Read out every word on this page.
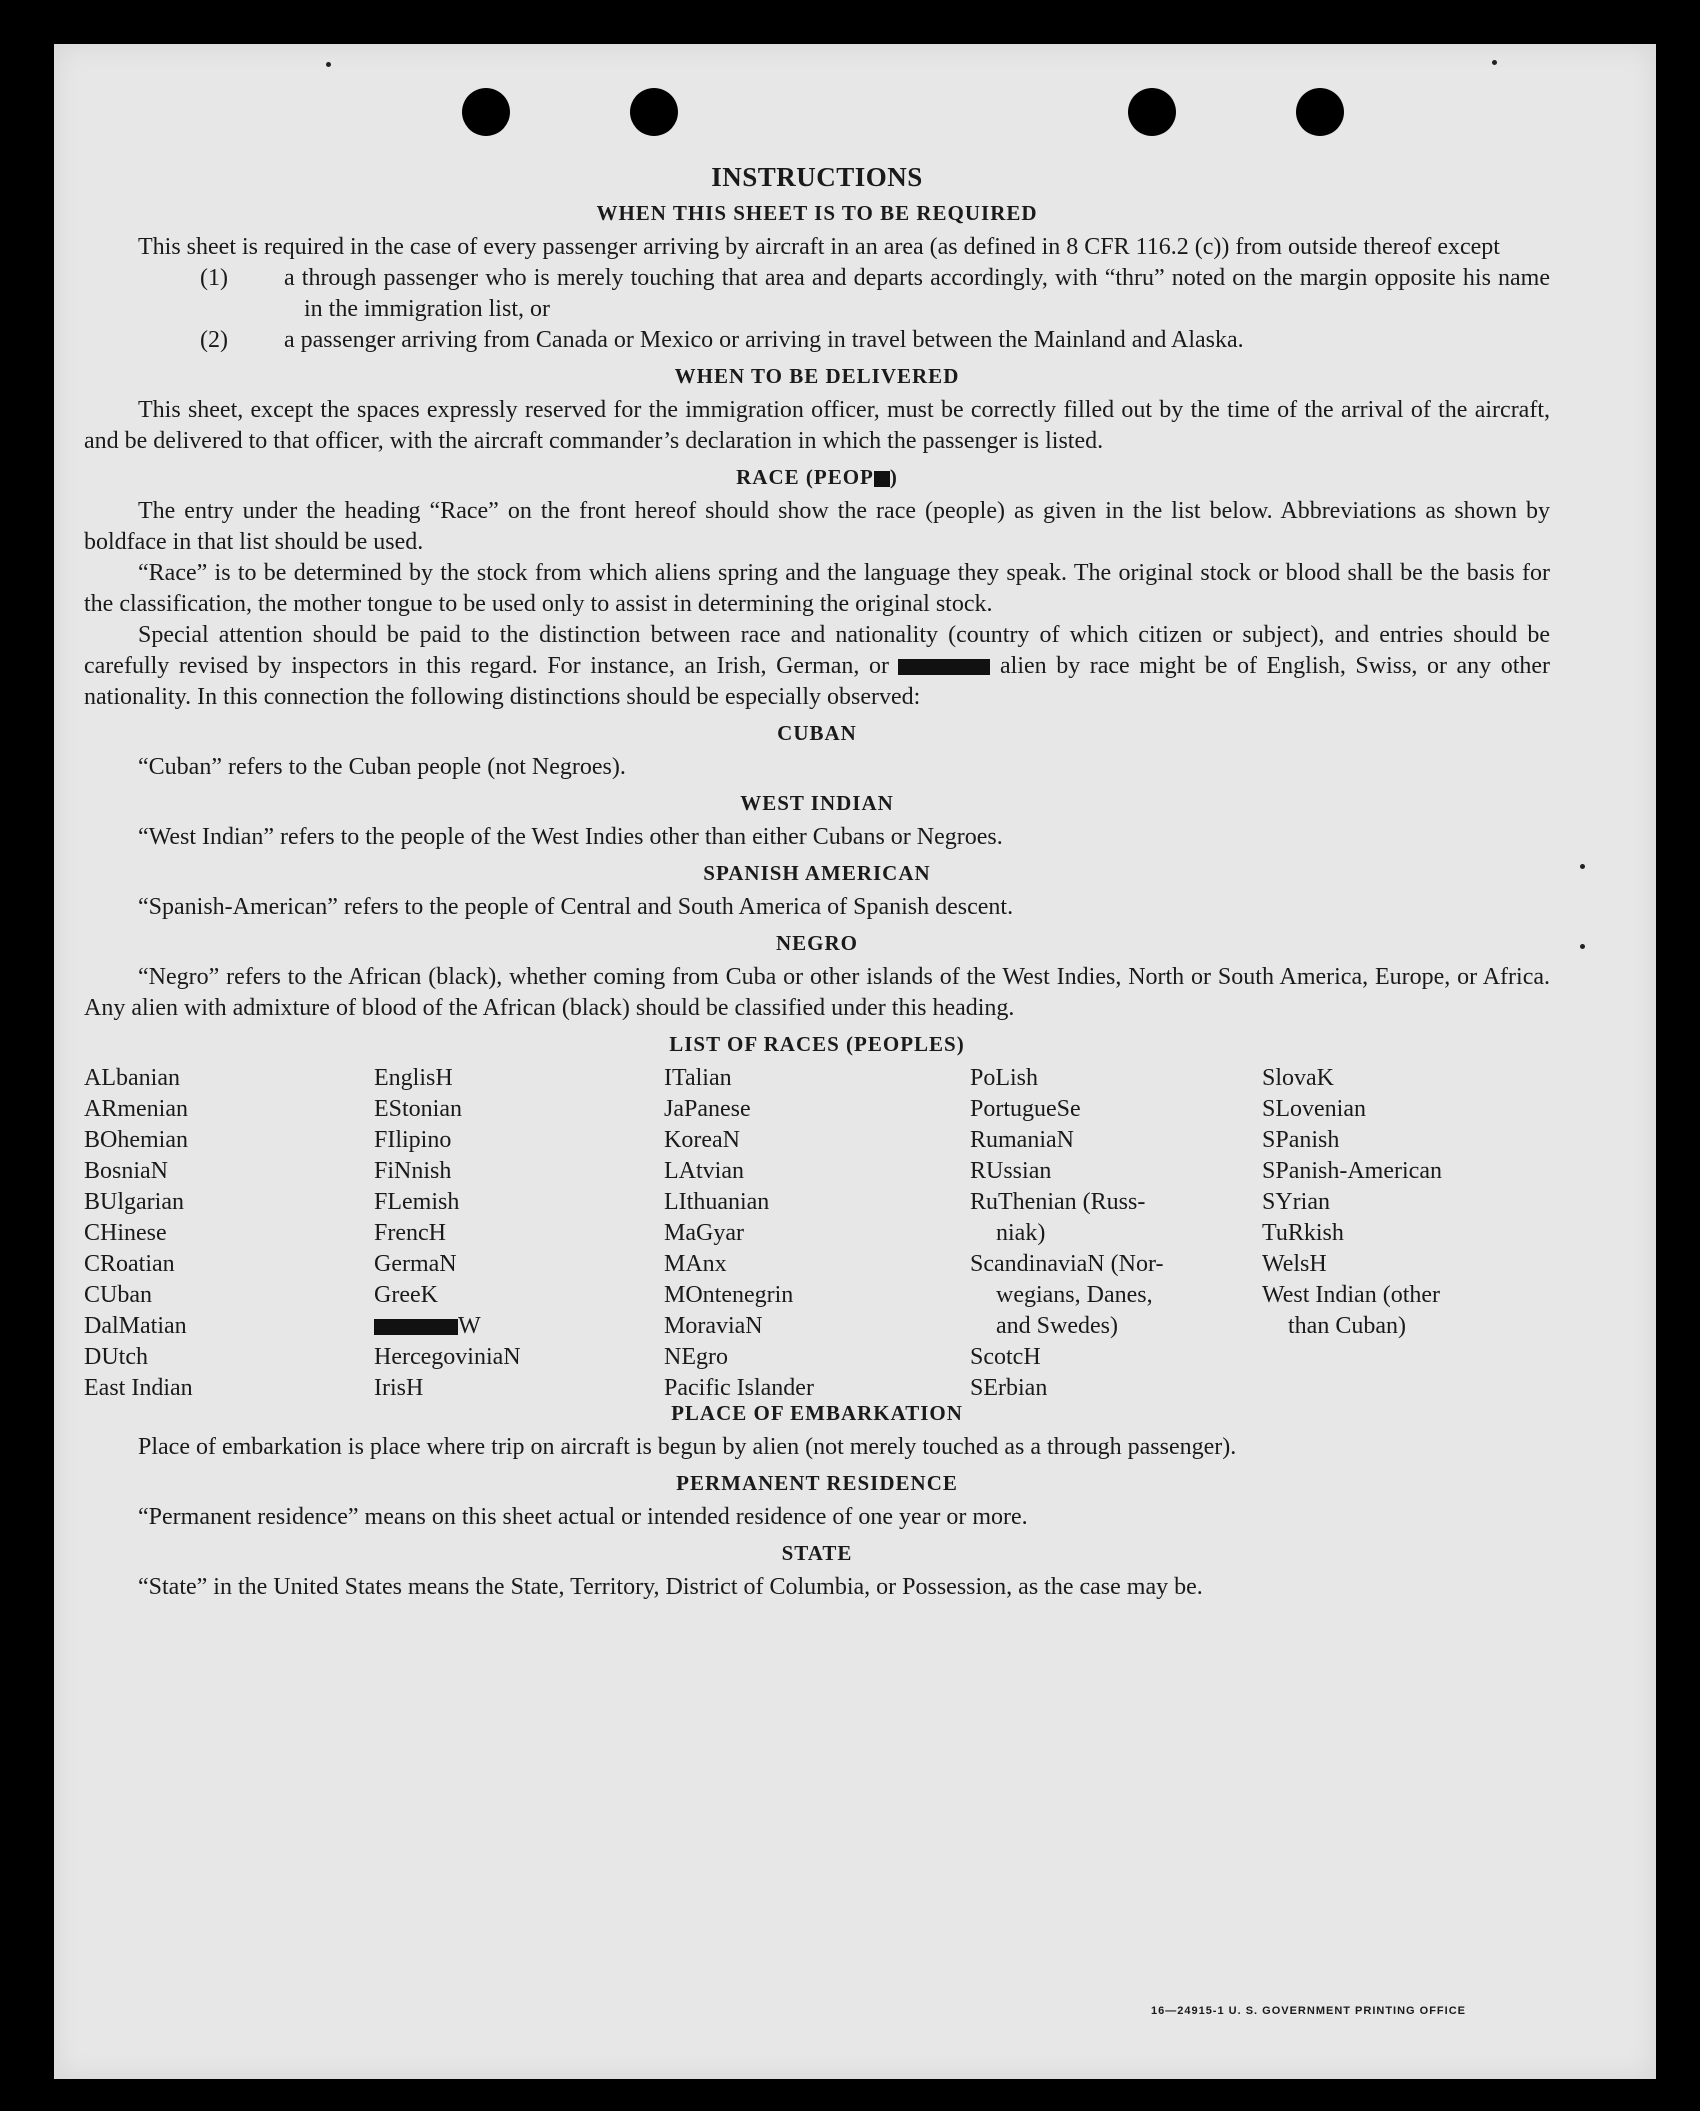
INSTRUCTIONS
WHEN THIS SHEET IS TO BE REQUIRED

This sheet is required in the case of every passenger arriving by aircraft in an area (as defined in 8 CFR 116.2 (c)) from outside thereof except

(1) a through passenger who is merely touching that area and departs accordingly, with “thru” noted on the margin opposite his name in the immigration list, or
(2) a passenger arriving from Canada or Mexico or arriving in travel between the Mainland and Alaska.
WHEN TO BE DELIVERED

This sheet, except the spaces expressly reserved for the immigration officer, must be correctly filled out by the time of the arrival of the aircraft, and be delivered to that officer, with the aircraft commander’s declaration in which the passenger is listed.

RACE (PEOP )

The entry under the heading “Race” on the front hereof should show the race (people) as given in the list below. Abbreviations as shown by boldface in that list should be used.

“Race” is to be determined by the stock from which aliens spring and the language they speak. The original stock or blood shall be the basis for the classification, the mother tongue to be used only to assist in determining the original stock.

Special attention should be paid to the distinction between race and nationality (country of which citizen or subject), and entries should be carefully revised by inspectors in this regard. For instance, an Irish, German, or	alien by race might be of English, Swiss, or any other nationality. In this connection the following distinctions should be especially observed:

CUBAN
“Cuban” refers to the Cuban people (not Negroes).
WEST INDIAN
“West Indian” refers to the people of the West Indies other than either Cubans or Negroes.
SPANISH AMERICAN
“Spanish-American” refers to the people of Central and South America of Spanish descent.
NEGRO

“Negro” refers to the African (black), whether coming from Cuba or other islands of the West Indies, North or South America, Europe, or Africa. Any alien with admixture of blood of the African (black) should be classified under this heading.

LIST OF RACES (PEOPLES)
ALbanian
ARmenian
BOhemian
BosniaN
BUlgarian
CHinese
CRoatian
CUban
DalMatian
DUtch
East Indian
EnglisH
EStonian
FIlipino
FiNnish
FLemish
FrencH
GermaN
GreeK
W
HercegoviniaN
IrisH
ITalian
JaPanese
KoreaN
LAtvian
LIthuanian
MaGyar
MAnx
MOntenegrin
MoraviaN
NEgro
Pacific Islander
PoLish
PortugueSe
RumaniaN
RUssian
RuThenian (Russ-
niak)
ScandinaviaN (Nor-
wegians, Danes,
and Swedes)
ScotcH
SErbian
SlovaK
SLovenian
SPanish
SPanish-American
SYrian
TuRkish
WelsH
West Indian (other
than Cuban)
PLACE OF EMBARKATION

Place of embarkation is place where trip on aircraft is begun by alien (not merely touched as a through passenger).

PERMANENT RESIDENCE
“Permanent residence” means on this sheet actual or intended residence of one year or more.
STATE

“State” in the United States means the State, Territory, District of Columbia, or Possession, as the case may be.

16—24915-1 U. S. GOVERNMENT PRINTING OFFICE
